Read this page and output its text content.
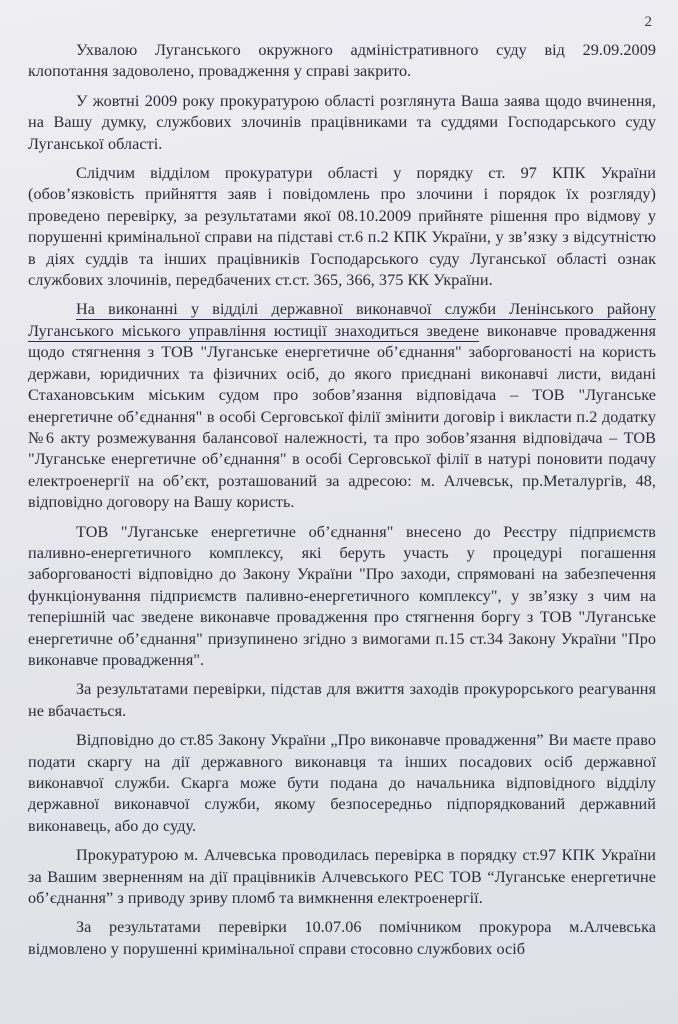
2

Ухвалою Луганського окружного адміністративного суду від 29.09.2009 клопотання задоволено, провадження у справі закрито.

У жовтні 2009 року прокуратурою області розглянута Ваша заява щодо вчинення, на Вашу думку, службових злочинів працівниками та суддями Господарського суду Луганської області.

Слідчим відділом прокуратури області у порядку ст. 97 КПК України (обов’язковість прийняття заяв і повідомлень про злочини і порядок їх розгляду) проведено перевірку, за результатами якої 08.10.2009 прийняте рішення про відмову у порушенні кримінальної справи на підставі ст.6 п.2 КПК України, у зв’язку з відсутністю в діях суддів та інших працівників Господарського суду Луганської області ознак службових злочинів, передбачених ст.ст. 365, 366, 375 КК України.

На виконанні у відділі державної виконавчої служби Ленінського району Луганського міського управління юстиції знаходиться зведене виконавче провадження щодо стягнення з ТОВ "Луганське енергетичне об’єднання" заборгованості на користь держави, юридичних та фізичних осіб, до якого приєднані виконавчі листи, видані Стахановським міським судом про зобов’язання відповідача – ТОВ "Луганське енергетичне об’єднання" в особі Серговської філії змінити договір і викласти п.2 додатку №6 акту розмежування балансової належності, та про зобов’язання відповідача – ТОВ "Луганське енергетичне об’єднання" в особі Серговської філії в натурі поновити подачу електроенергії на об’єкт, розташований за адресою: м. Алчевськ, пр.Металургів, 48, відповідно договору на Вашу користь.

ТОВ "Луганське енергетичне об’єднання" внесено до Реєстру підприємств паливно-енергетичного комплексу, які беруть участь у процедурі погашення заборгованості відповідно до Закону України "Про заходи, спрямовані на забезпечення функціонування підприємств паливно-енергетичного комплексу", у зв’язку з чим на теперішній час зведене виконавче провадження про стягнення боргу з ТОВ "Луганське енергетичне об’єднання" призупинено згідно з вимогами п.15 ст.34 Закону України "Про виконавче провадження".

За результатами перевірки, підстав для вжиття заходів прокурорського реагування не вбачається.

Відповідно до ст.85 Закону України „Про виконавче провадження” Ви маєте право подати скаргу на дії державного виконавця та інших посадових осіб державної виконавчої служби. Скарга може бути подана до начальника відповідного відділу державної виконавчої служби, якому безпосередньо підпорядкований державний виконавець, або до суду.

Прокуратурою м. Алчевська проводилась перевірка в порядку ст.97 КПК України за Вашим зверненням на дії працівників Алчевського РЕС ТОВ “Луганське енергетичне об’єднання” з приводу зриву пломб та вимкнення електроенергії.

За результатами перевірки 10.07.06 помічником прокурора м.Алчевська відмовлено у порушенні кримінальної справи стосовно службових осіб
